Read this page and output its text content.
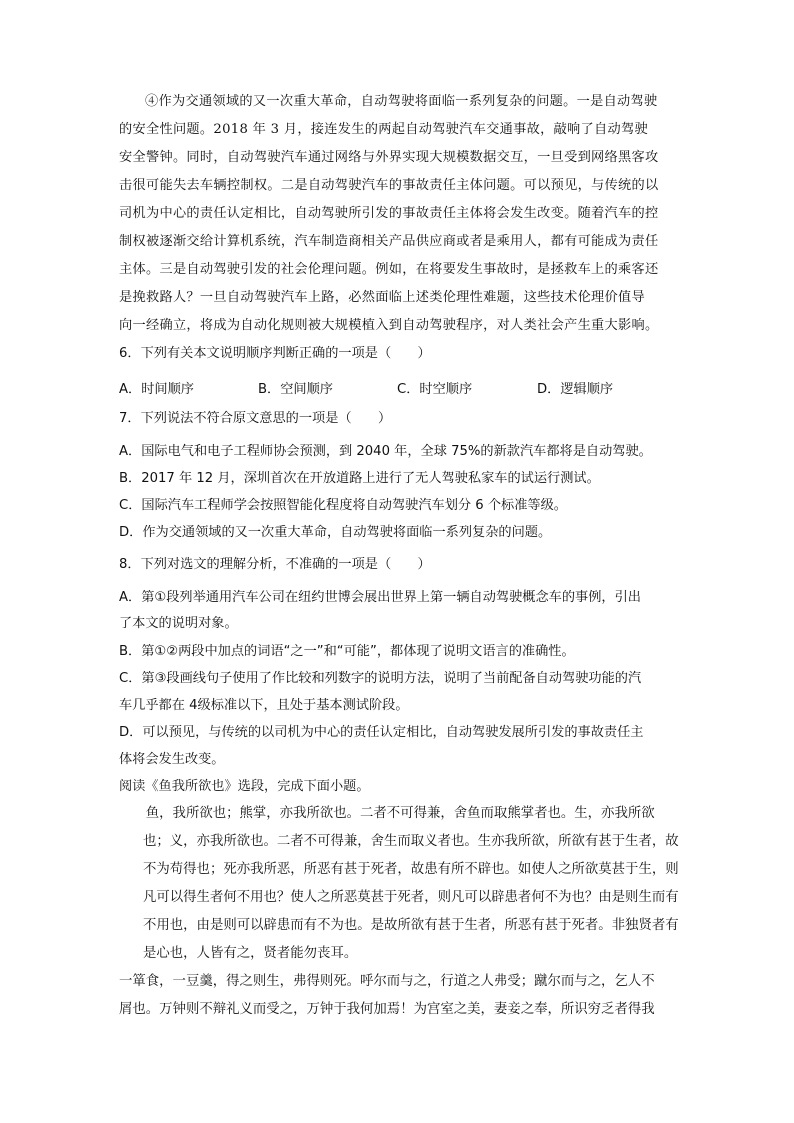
④作为交通领域的又一次重大革命，自动驾驶将面临一系列复杂的问题。一是自动驾驶
的安全性问题。2018 年 3 月，接连发生的两起自动驾驶汽车交通事故，敲响了自动驾驶
安全警钟。同时，自动驾驶汽车通过网络与外界实现大规模数据交互，一旦受到网络黑客攻
击很可能失去车辆控制权。二是自动驾驶汽车的事故责任主体问题。可以预见，与传统的以
司机为中心的责任认定相比，自动驾驶所引发的事故责任主体将会发生改变。随着汽车的控
制权被逐渐交给计算机系统，汽车制造商相关产品供应商或者是乘用人，都有可能成为责任
主体。三是自动驾驶引发的社会伦理问题。例如，在将要发生事故时，是拯救车上的乘客还
是挽救路人？一旦自动驾驶汽车上路，必然面临上述类伦理性难题，这些技术伦理价值导
向一经确立，将成为自动化规则被大规模植入到自动驾驶程序，对人类社会产生重大影响。
6．下列有关本文说明顺序判断正确的一项是（　　）
A．时间顺序	B．空间顺序	C．时空顺序	D．逻辑顺序
7．下列说法不符合原文意思的一项是（　　）
A．国际电气和电子工程师协会预测，到 2040 年，全球 75%的新款汽车都将是自动驾驶。
B．2017 年 12 月，深圳首次在开放道路上进行了无人驾驶私家车的试运行测试。
C．国际汽车工程师学会按照智能化程度将自动驾驶汽车划分 6 个标准等级。
D．作为交通领域的又一次重大革命，自动驾驶将面临一系列复杂的问题。
8．下列对选文的理解分析，不准确的一项是（　　）
A．第①段列举通用汽车公司在纽约世博会展出世界上第一辆自动驾驶概念车的事例，引出
了本文的说明对象。
B．第①②两段中加点的词语“之一”和“可能”，都体现了说明文语言的准确性。
C．第③段画线句子使用了作比较和列数字的说明方法，说明了当前配备自动驾驶功能的汽
车几乎都在 4级标准以下，且处于基本测试阶段。
D．可以预见，与传统的以司机为中心的责任认定相比，自动驾驶发展所引发的事故责任主
体将会发生改变。
阅读《鱼我所欲也》选段，完成下面小题。
　　鱼，我所欲也；熊掌，亦我所欲也。二者不可得兼，舍鱼而取熊掌者也。生，亦我所欲
也；义，亦我所欲也。二者不可得兼，舍生而取义者也。生亦我所欲，所欲有甚于生者，故
不为苟得也；死亦我所恶，所恶有甚于死者，故患有所不辟也。如使人之所欲莫甚于生，则
凡可以得生者何不用也？使人之所恶莫甚于死者，则凡可以辟患者何不为也？由是则生而有
不用也，由是则可以辟患而有不为也。是故所欲有甚于生者，所恶有甚于死者。非独贤者有
是心也，人皆有之，贤者能勿丧耳。
一箪食，一豆羹，得之则生，弗得则死。呼尔而与之，行道之人弗受；蹴尔而与之，乞人不
屑也。万钟则不辩礼义而受之，万钟于我何加焉！为宫室之美，妻妾之奉，所识穷乏者得我
